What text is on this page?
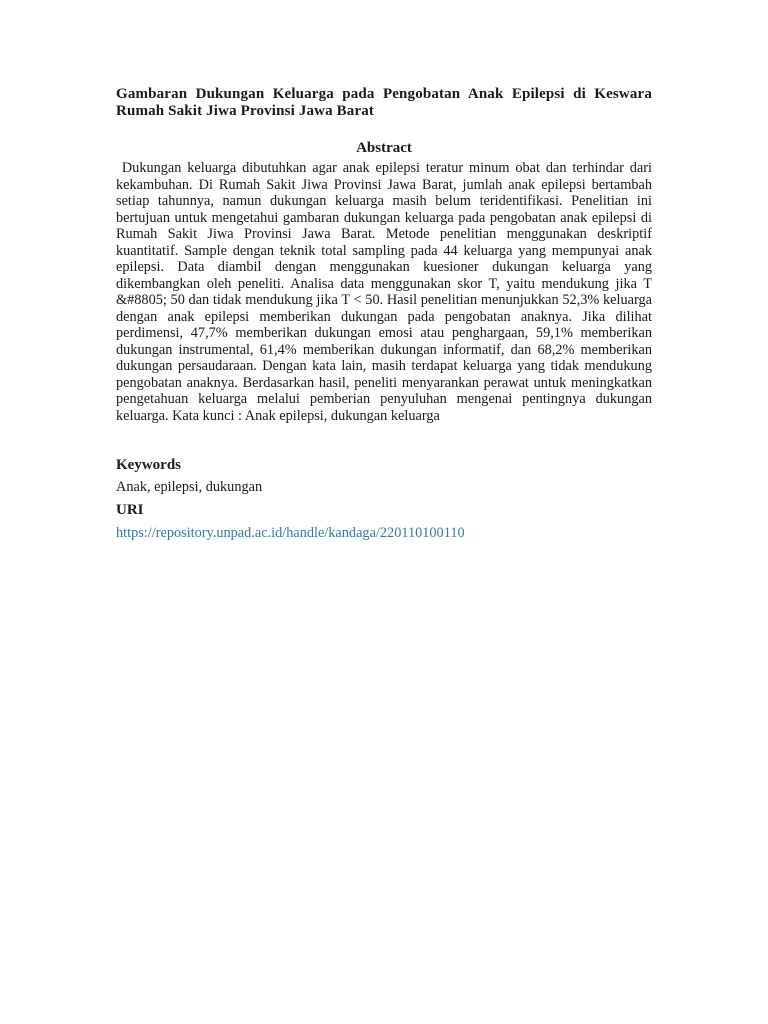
Gambaran Dukungan Keluarga pada Pengobatan Anak Epilepsi di Keswara Rumah Sakit Jiwa Provinsi Jawa Barat
Abstract

Dukungan keluarga dibutuhkan agar anak epilepsi teratur minum obat dan terhindar dari kekambuhan. Di Rumah Sakit Jiwa Provinsi Jawa Barat, jumlah anak epilepsi bertambah setiap tahunnya, namun dukungan keluarga masih belum teridentifikasi. Penelitian ini bertujuan untuk mengetahui gambaran dukungan keluarga pada pengobatan anak epilepsi di Rumah Sakit Jiwa Provinsi Jawa Barat. Metode penelitian menggunakan deskriptif kuantitatif. Sample dengan teknik total sampling pada 44 keluarga yang mempunyai anak epilepsi. Data diambil dengan menggunakan kuesioner dukungan keluarga yang dikembangkan oleh peneliti. Analisa data menggunakan skor T, yaitu mendukung jika T &#8805; 50 dan tidak mendukung jika T < 50. Hasil penelitian menunjukkan 52,3% keluarga dengan anak epilepsi memberikan dukungan pada pengobatan anaknya. Jika dilihat perdimensi, 47,7% memberikan dukungan emosi atau penghargaan, 59,1% memberikan dukungan instrumental, 61,4% memberikan dukungan informatif, dan 68,2% memberikan dukungan persaudaraan. Dengan kata lain, masih terdapat keluarga yang tidak mendukung pengobatan anaknya. Berdasarkan hasil, peneliti menyarankan perawat untuk meningkatkan pengetahuan keluarga melalui pemberian penyuluhan mengenai pentingnya dukungan keluarga. Kata kunci : Anak epilepsi, dukungan keluarga

Keywords
Anak, epilepsi, dukungan
URI
https://repository.unpad.ac.id/handle/kandaga/220110100110
